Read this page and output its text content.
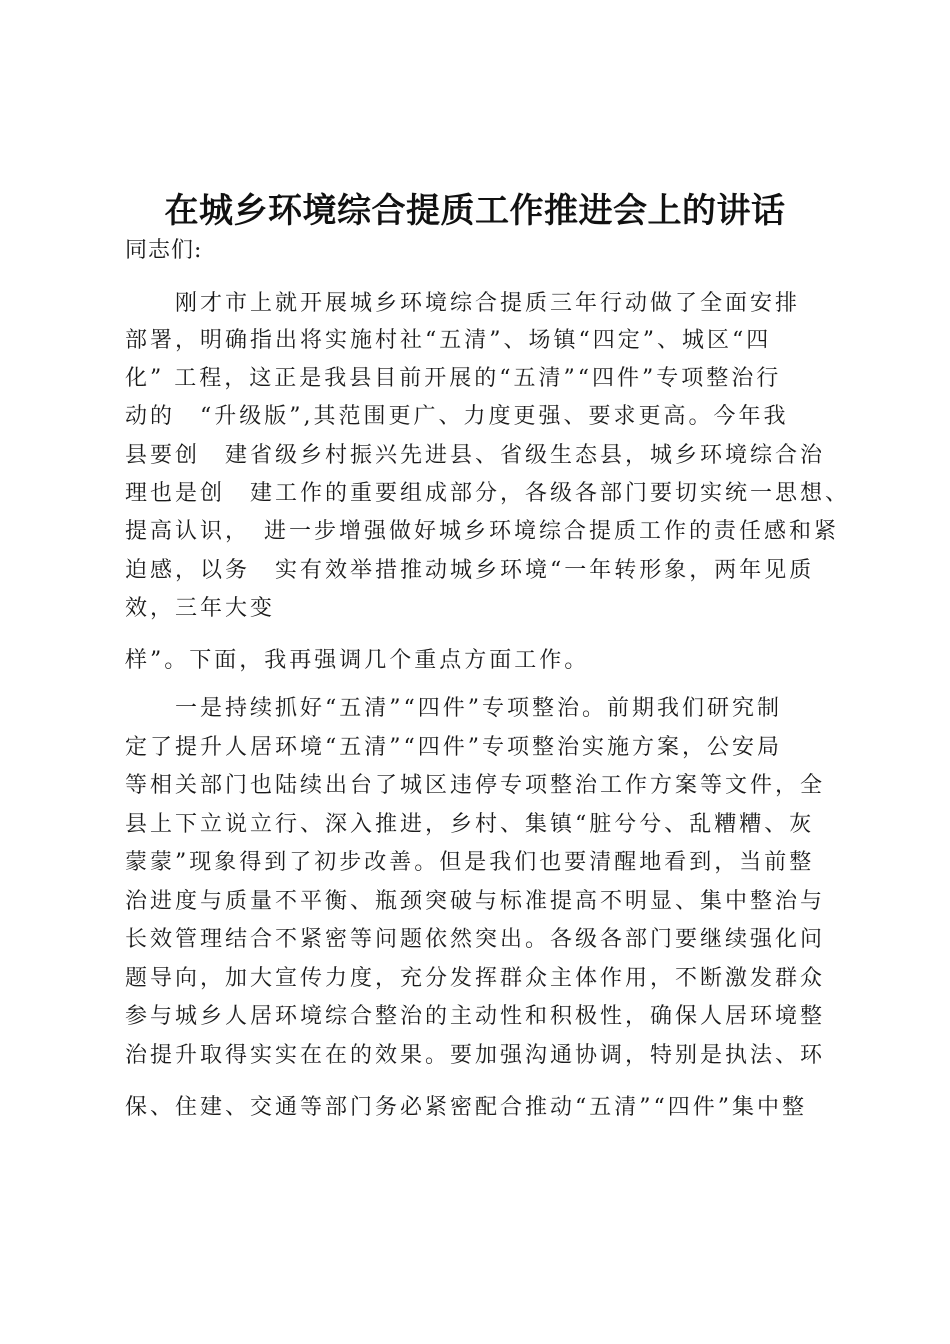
在城乡环境综合提质工作推进会上的讲话
同志们:
　　刚才市上就开展城乡环境综合提质三年行动做了全面安排
部署，明确指出将实施村社“五清”、场镇“四定”、城区“四
化” 工程，这正是我县目前开展的“五清”“四件”专项整治行
动的　“升级版”,其范围更广、力度更强、要求更高。今年我
县要创　建省级乡村振兴先进县、省级生态县，城乡环境综合治
理也是创　建工作的重要组成部分，各级各部门要切实统一思想、
提高认识，　进一步增强做好城乡环境综合提质工作的责任感和紧
迫感，以务　实有效举措推动城乡环境“一年转形象，两年见质
效，三年大变
样”。下面，我再强调几个重点方面工作。
　　一是持续抓好“五清”“四件”专项整治。前期我们研究制
定了提升人居环境“五清”“四件”专项整治实施方案，公安局
等相关部门也陆续出台了城区违停专项整治工作方案等文件，全
县上下立说立行、深入推进，乡村、集镇“脏兮兮、乱糟糟、灰
蒙蒙”现象得到了初步改善。但是我们也要清醒地看到，当前整
治进度与质量不平衡、瓶颈突破与标准提高不明显、集中整治与
长效管理结合不紧密等问题依然突出。各级各部门要继续强化问
题导向，加大宣传力度，充分发挥群众主体作用，不断激发群众
参与城乡人居环境综合整治的主动性和积极性，确保人居环境整
治提升取得实实在在的效果。要加强沟通协调，特别是执法、环
保、住建、交通等部门务必紧密配合推动“五清”“四件”集中整
